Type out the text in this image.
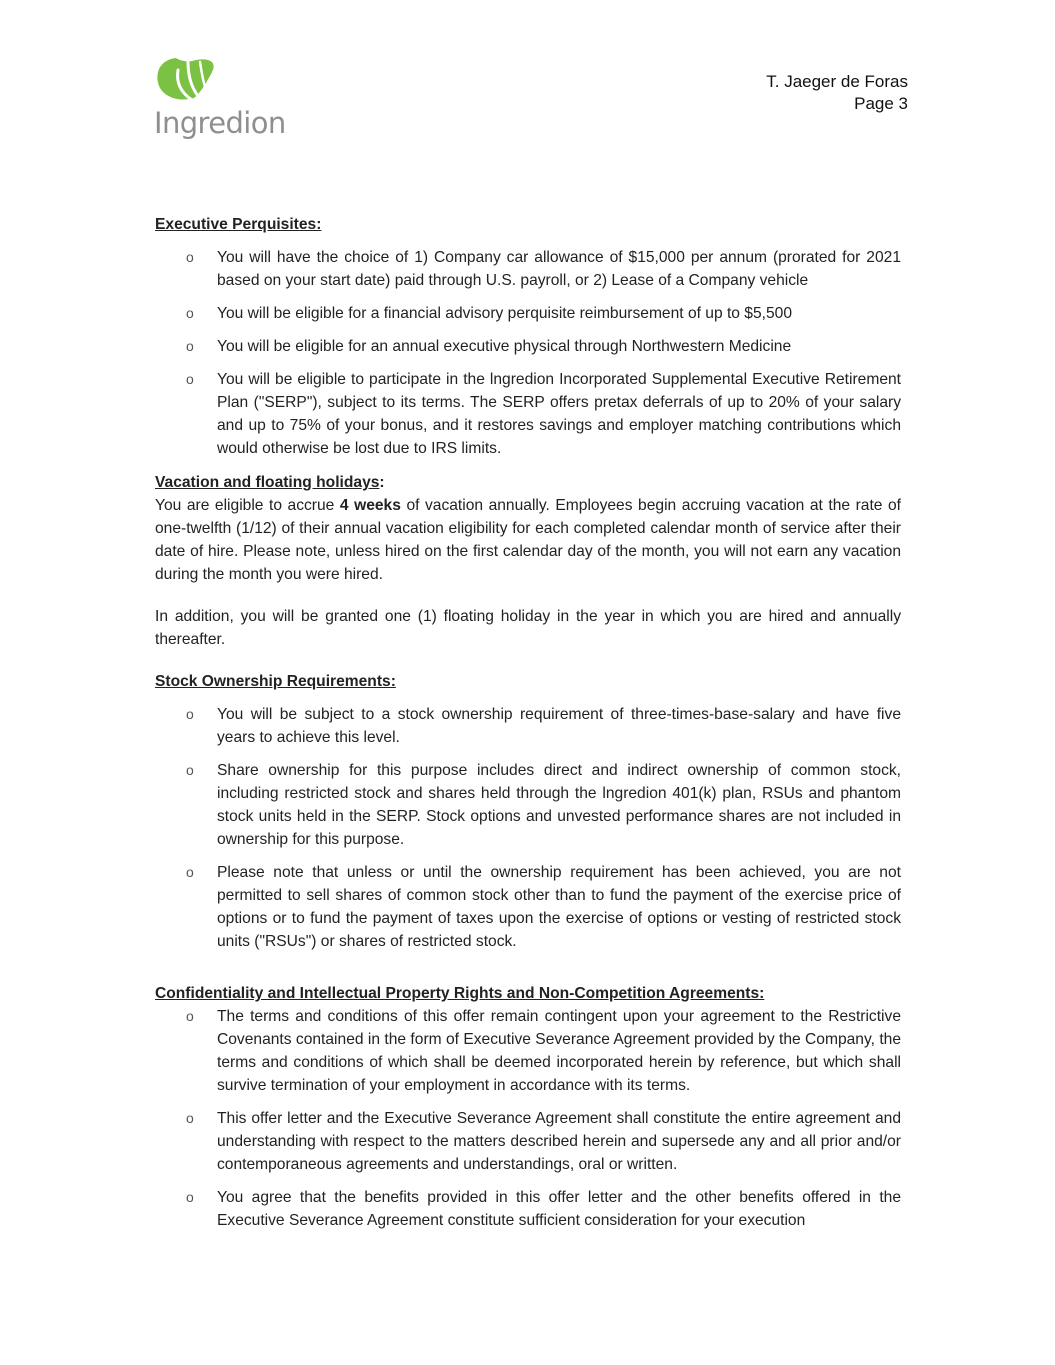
Ingredion
T. Jaeger de Foras
Page 3
Executive Perquisites:
o You will have the choice of 1) Company car allowance of $15,000 per annum (prorated for 2021 based on your start date) paid through U.S. payroll, or 2) Lease of a Company vehicle
o You will be eligible for a financial advisory perquisite reimbursement of up to $5,500
o You will be eligible for an annual executive physical through Northwestern Medicine
o You will be eligible to participate in the lngredion Incorporated Supplemental Executive Retirement Plan ("SERP"), subject to its terms. The SERP offers pretax deferrals of up to 20% of your salary and up to 75% of your bonus, and it restores savings and employer matching contributions which would otherwise be lost due to IRS limits.
Vacation and floating holidays:

You are eligible to accrue 4 weeks of vacation annually. Employees begin accruing vacation at the rate of one-twelfth (1/12) of their annual vacation eligibility for each completed calendar month of service after their date of hire. Please note, unless hired on the first calendar day of the month, you will not earn any vacation during the month you were hired.

In addition, you will be granted one (1) floating holiday in the year in which you are hired and annually thereafter.

Stock Ownership Requirements:
o You will be subject to a stock ownership requirement of three-times-base-salary and have five years to achieve this level.
o Share ownership for this purpose includes direct and indirect ownership of common stock, including restricted stock and shares held through the lngredion 401(k) plan, RSUs and phantom stock units held in the SERP. Stock options and unvested performance shares are not included in ownership for this purpose.
o Please note that unless or until the ownership requirement has been achieved, you are not permitted to sell shares of common stock other than to fund the payment of the exercise price of options or to fund the payment of taxes upon the exercise of options or vesting of restricted stock units ("RSUs") or shares of restricted stock.
Confidentiality and Intellectual Property Rights and Non-Competition Agreements:
o The terms and conditions of this offer remain contingent upon your agreement to the Restrictive Covenants contained in the form of Executive Severance Agreement provided by the Company, the terms and conditions of which shall be deemed incorporated herein by reference, but which shall survive termination of your employment in accordance with its terms.
o This offer letter and the Executive Severance Agreement shall constitute the entire agreement and understanding with respect to the matters described herein and supersede any and all prior and/or contemporaneous agreements and understandings, oral or written.
o You agree that the benefits provided in this offer letter and the other benefits offered in the Executive Severance Agreement constitute sufficient consideration for your execution
